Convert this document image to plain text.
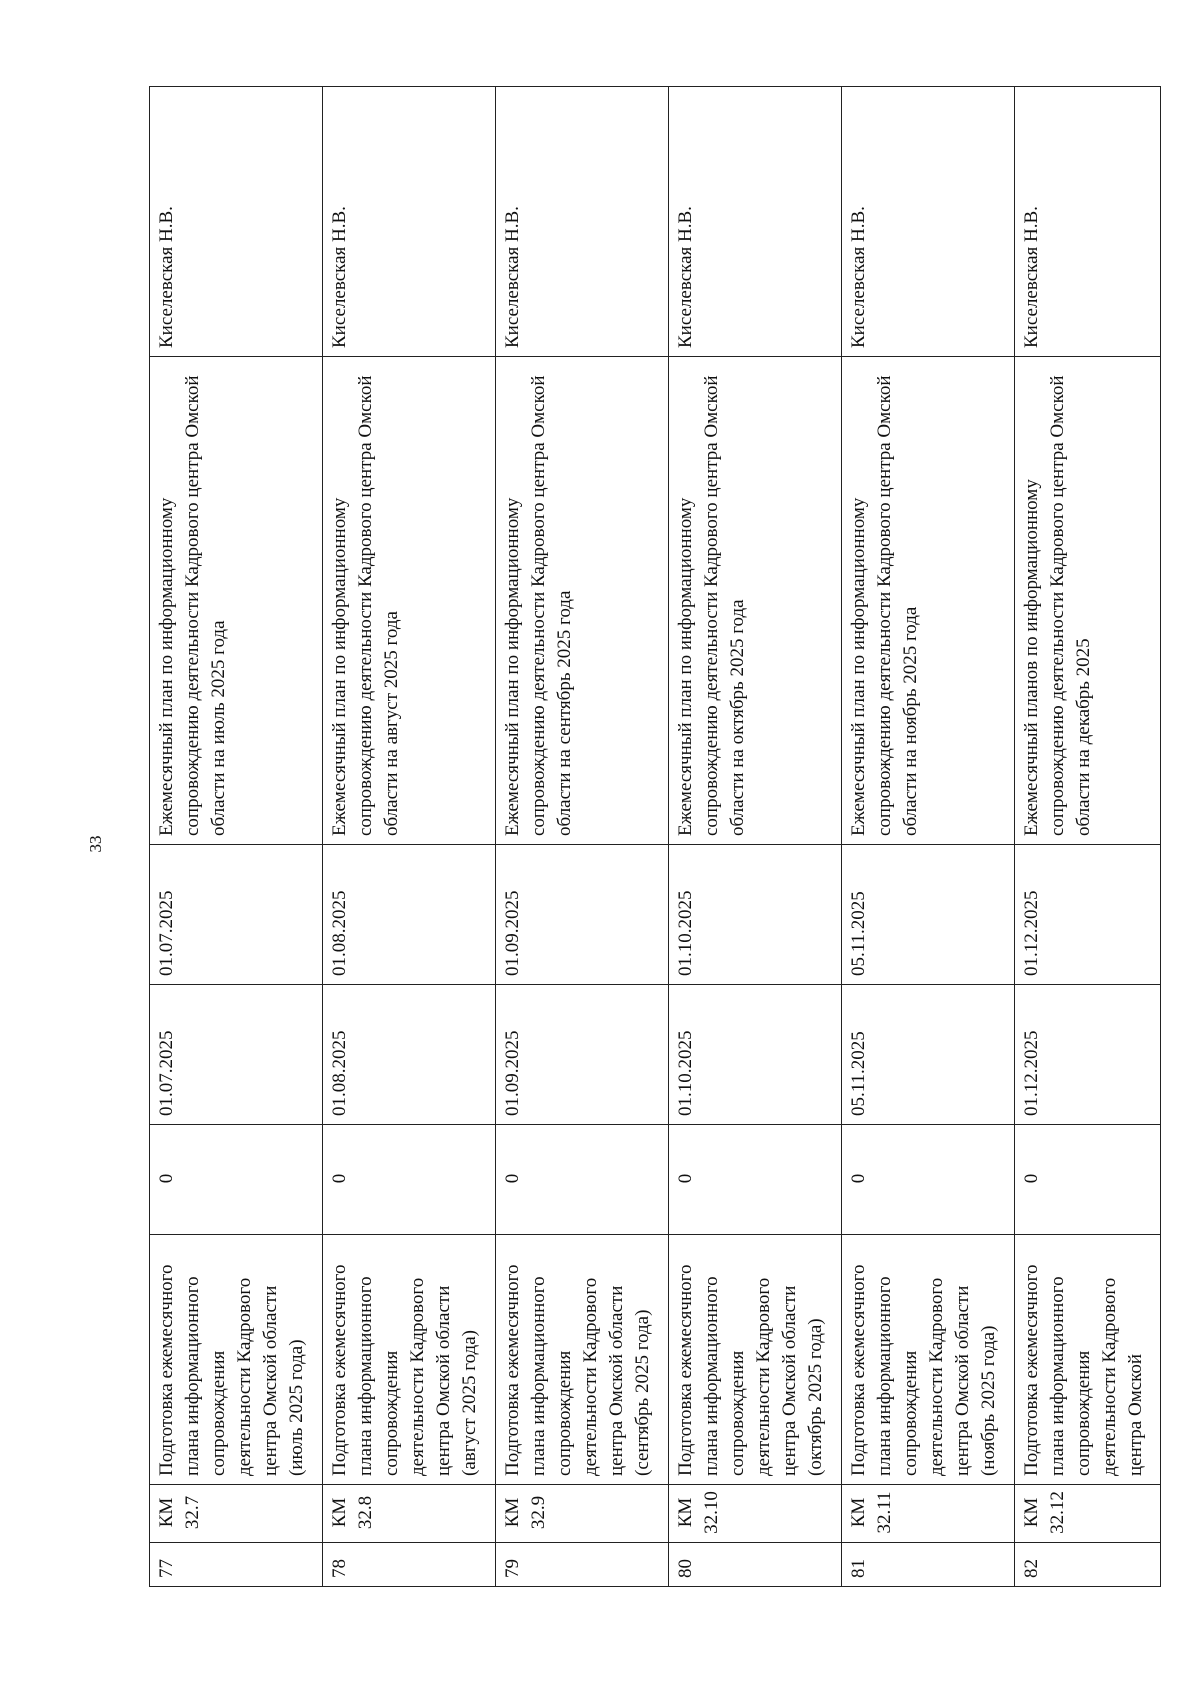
33
77	КМ 32.7	Подготовка ежемесячного плана информационного сопровождения деятельности Кадрового центра Омской области (июль 2025 года)	0	01.07.2025	01.07.2025	Ежемесячный план по информационному сопровождению деятельности Кадрового центра Омской области на июль 2025 года	Киселевская Н.В.
78	КМ 32.8	Подготовка ежемесячного плана информационного сопровождения деятельности Кадрового центра Омской области (август 2025 года)	0	01.08.2025	01.08.2025	Ежемесячный план по информационному сопровождению деятельности Кадрового центра Омской области на август 2025 года	Киселевская Н.В.
79	КМ 32.9	Подготовка ежемесячного плана информационного сопровождения деятельности Кадрового центра Омской области (сентябрь 2025 года)	0	01.09.2025	01.09.2025	Ежемесячный план по информационному сопровождению деятельности Кадрового центра Омской области на сентябрь 2025 года	Киселевская Н.В.
80	КМ 32.10	Подготовка ежемесячного плана информационного сопровождения деятельности Кадрового центра Омской области (октябрь 2025 года)	0	01.10.2025	01.10.2025	Ежемесячный план по информационному сопровождению деятельности Кадрового центра Омской области на октябрь 2025 года	Киселевская Н.В.
81	КМ 32.11	Подготовка ежемесячного плана информационного сопровождения деятельности Кадрового центра Омской области (ноябрь 2025 года)	0	05.11.2025	05.11.2025	Ежемесячный план по информационному сопровождению деятельности Кадрового центра Омской области на ноябрь 2025 года	Киселевская Н.В.
82	КМ 32.12	Подготовка ежемесячного плана информационного сопровождения деятельности Кадрового центра Омской	0	01.12.2025	01.12.2025	Ежемесячный планов по информационному сопровождению деятельности Кадрового центра Омской области на декабрь 2025	Киселевская Н.В.
